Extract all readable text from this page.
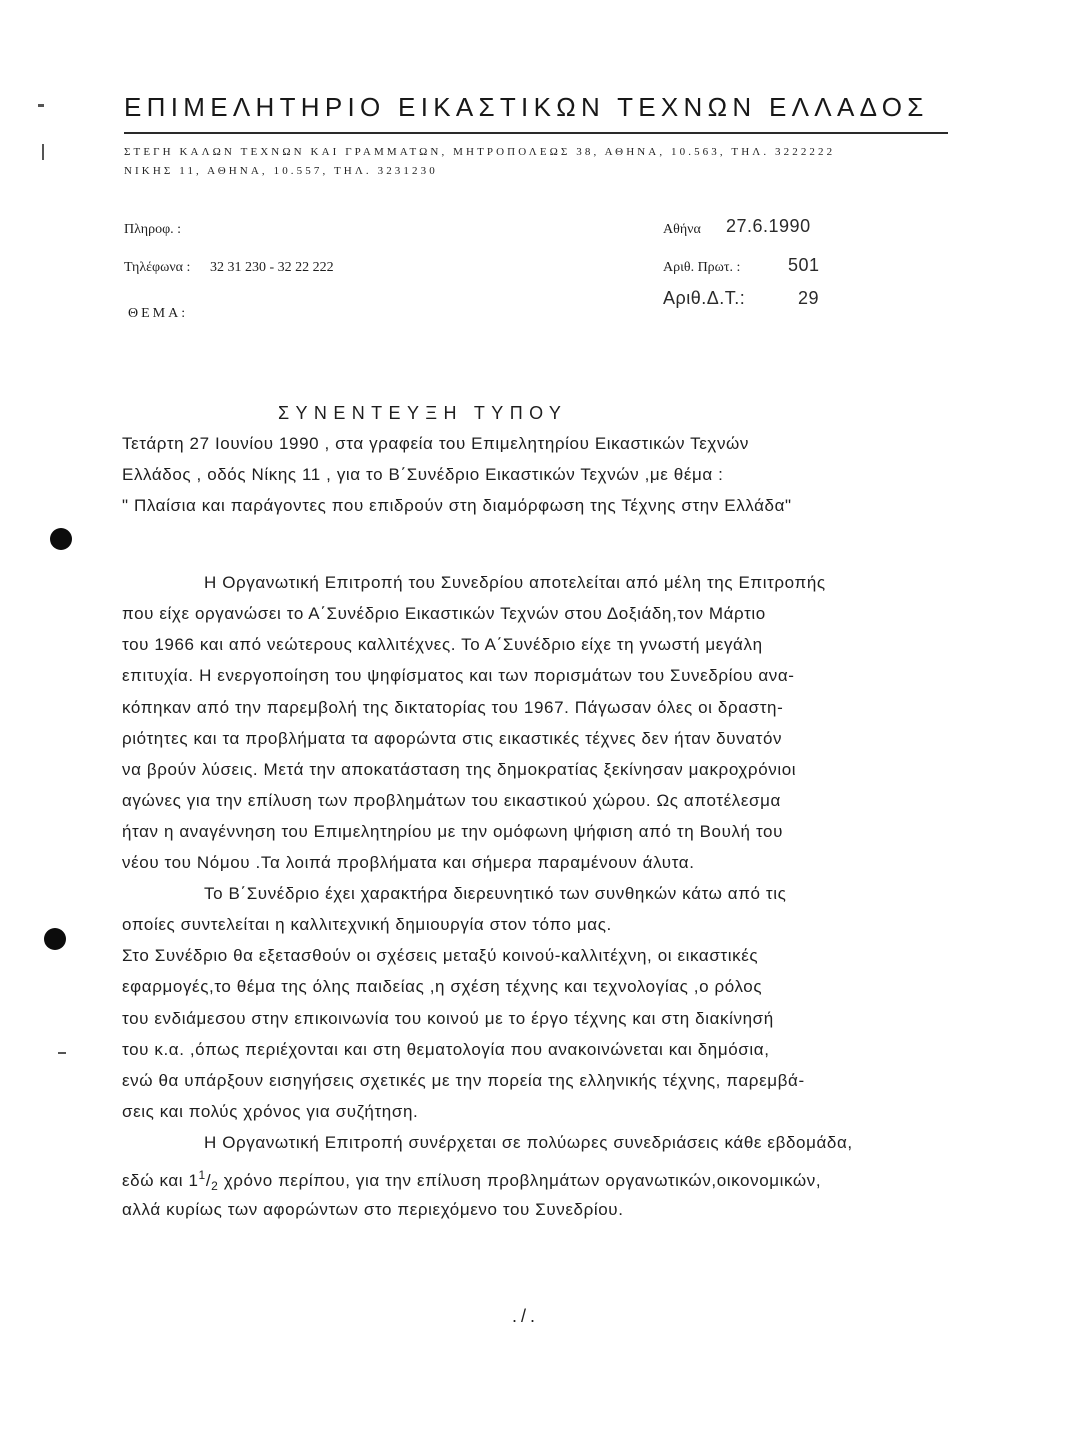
ΕΠΙΜΕΛΗΤΗΡΙΟ ΕΙΚΑΣΤΙΚΩΝ ΤΕΧΝΩΝ ΕΛΛΑΔΟΣ
ΣΤΕΓΗ ΚΑΛΩΝ ΤΕΧΝΩΝ ΚΑΙ ΓΡΑΜΜΑΤΩΝ, ΜΗΤΡΟΠΟΛΕΩΣ 38, ΑΘΗΝΑ, 10.563, ΤΗΛ. 3222222
ΝΙΚΗΣ 11, ΑΘΗΝΑ, 10.557, ΤΗΛ. 3231230
Πληροφ. :
Τηλέφωνα : 32 31 230 - 32 22 222
ΘΕΜΑ:
Αθήνα 27.6.1990
Αριθ. Πρωτ. :	501
Αριθ.Δ.Τ.:	29
ΣΥΝΕΝΤΕΥΞΗ ΤΥΠΟΥ
Τετάρτη 27 Ιουνίου 1990 , στα γραφεία του Επιμελητηρίου Εικαστικών Τεχνών
Ελλάδος , οδός Νίκης 11 , για το Β΄Συνέδριο Εικαστικών Τεχνών ,με θέμα :
" Πλαίσια και παράγοντες που επιδρούν στη διαμόρφωση της Τέχνης στην Ελλάδα"
Η Οργανωτική Επιτροπή του Συνεδρίου αποτελείται από μέλη της Επιτροπής
που είχε οργανώσει το Α΄Συνέδριο Εικαστικών Τεχνών στου Δοξιάδη,τον Μάρτιο
του 1966 και από νεώτερους καλλιτέχνες. Το Α΄Συνέδριο είχε τη γνωστή μεγάλη
επιτυχία. Η ενεργοποίηση του ψηφίσματος και των πορισμάτων του Συνεδρίου ανα-
κόπηκαν από την παρεμβολή της δικτατορίας του 1967. Πάγωσαν όλες οι δραστη-
ριότητες και τα προβλήματα τα αφορώντα στις εικαστικές τέχνες δεν ήταν δυνατόν
να βρούν λύσεις. Μετά την αποκατάσταση της δημοκρατίας ξεκίνησαν μακροχρόνιοι
αγώνες για την επίλυση των προβλημάτων του εικαστικού χώρου. Ως αποτέλεσμα
ήταν η αναγέννηση του Επιμελητηρίου με την ομόφωνη ψήφιση από τη Βουλή του
νέου του Νόμου .Τα λοιπά προβλήματα και σήμερα παραμένουν άλυτα.
Το Β΄Συνέδριο έχει χαρακτήρα διερευνητικό των συνθηκών κάτω από τις
οποίες συντελείται η καλλιτεχνική δημιουργία στον τόπο μας.
Στο Συνέδριο θα εξετασθούν οι σχέσεις μεταξύ κοινού-καλλιτέχνη, οι εικαστικές
εφαρμογές,το θέμα της όλης παιδείας ,η σχέση τέχνης και τεχνολογίας ,ο ρόλος
του ενδιάμεσου στην επικοινωνία του κοινού με το έργο τέχνης και στη διακίνησή
του κ.α. ,όπως περιέχονται και στη θεματολογία που ανακοινώνεται και δημόσια,
ενώ θα υπάρξουν εισηγήσεις σχετικές με την πορεία της ελληνικής τέχνης, παρεμβά-
σεις και πολύς χρόνος για συζήτηση.
Η Οργανωτική Επιτροπή συνέρχεται σε πολύωρες συνεδριάσεις κάθε εβδομάδα,
εδώ και $1^1/_2$ χρόνο περίπου, για την επίλυση προβλημάτων οργανωτικών,οικονομικών,
αλλά κυρίως των αφορώντων στο περιεχόμενο του Συνεδρίου.
./.
